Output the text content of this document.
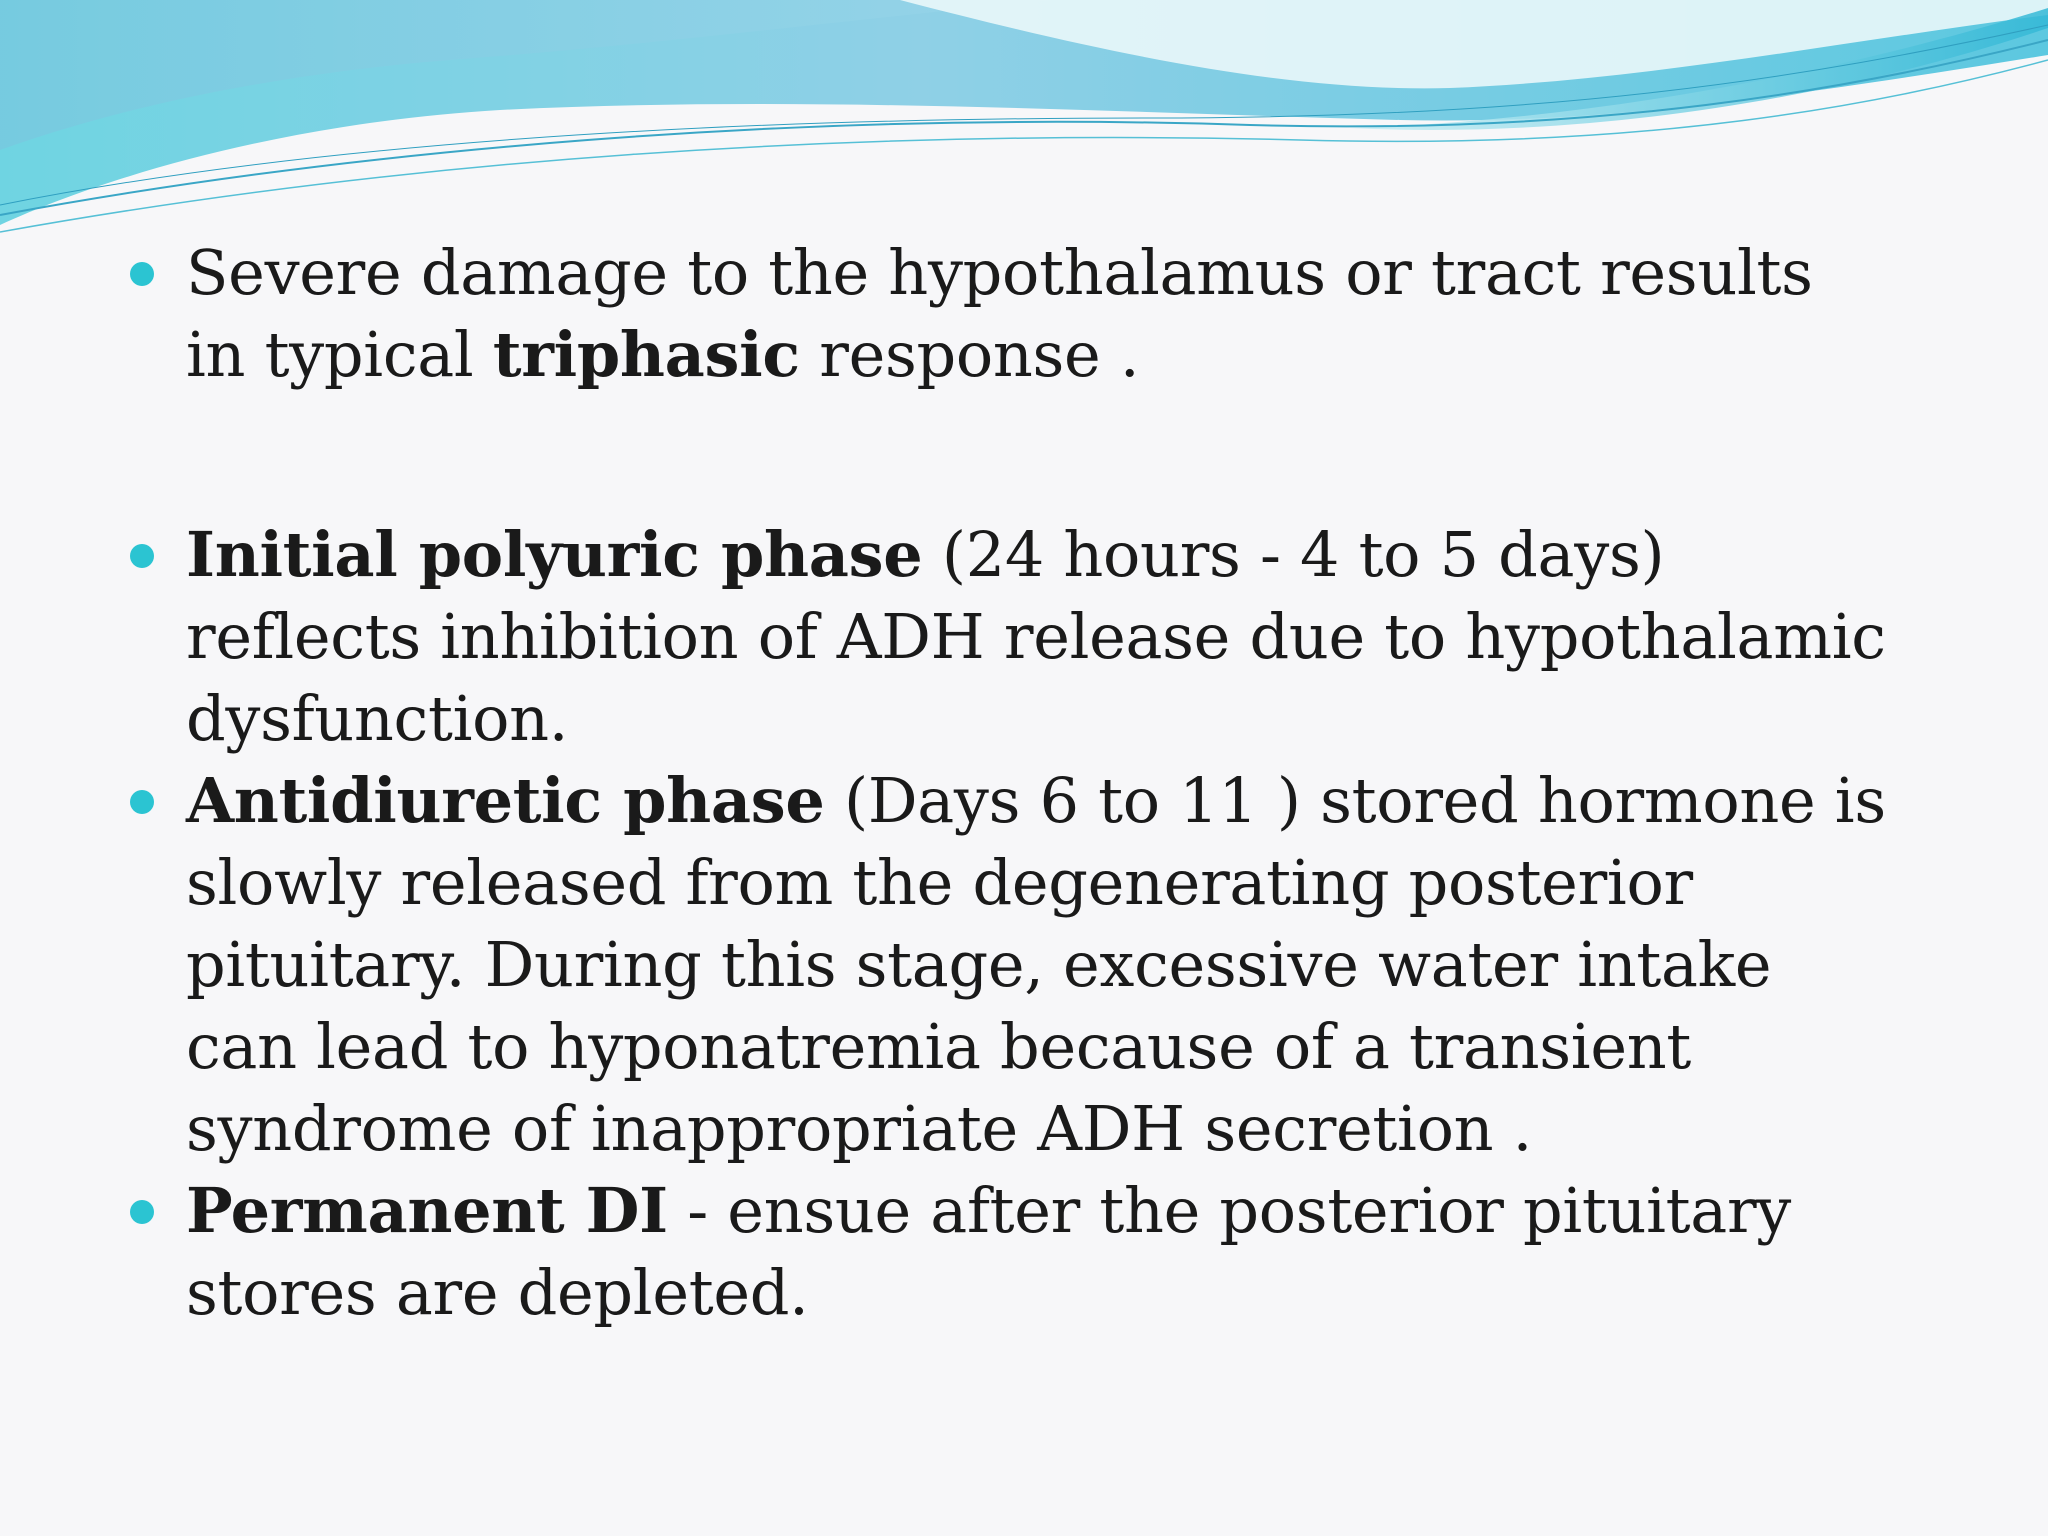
Severe damage to the hypothalamus or tract results in typical triphasic response .
Initial polyuric phase (24 hours - 4 to 5 days) reflects inhibition of ADH release due to hypothalamic dysfunction.
Antidiuretic phase (Days 6 to 11 ) stored hormone is slowly released from the degenerating posterior pituitary. During this stage, excessive water intake can lead to hyponatremia because of a transient syndrome of inappropriate ADH secretion .
Permanent DI - ensue after the posterior pituitary stores are depleted.
